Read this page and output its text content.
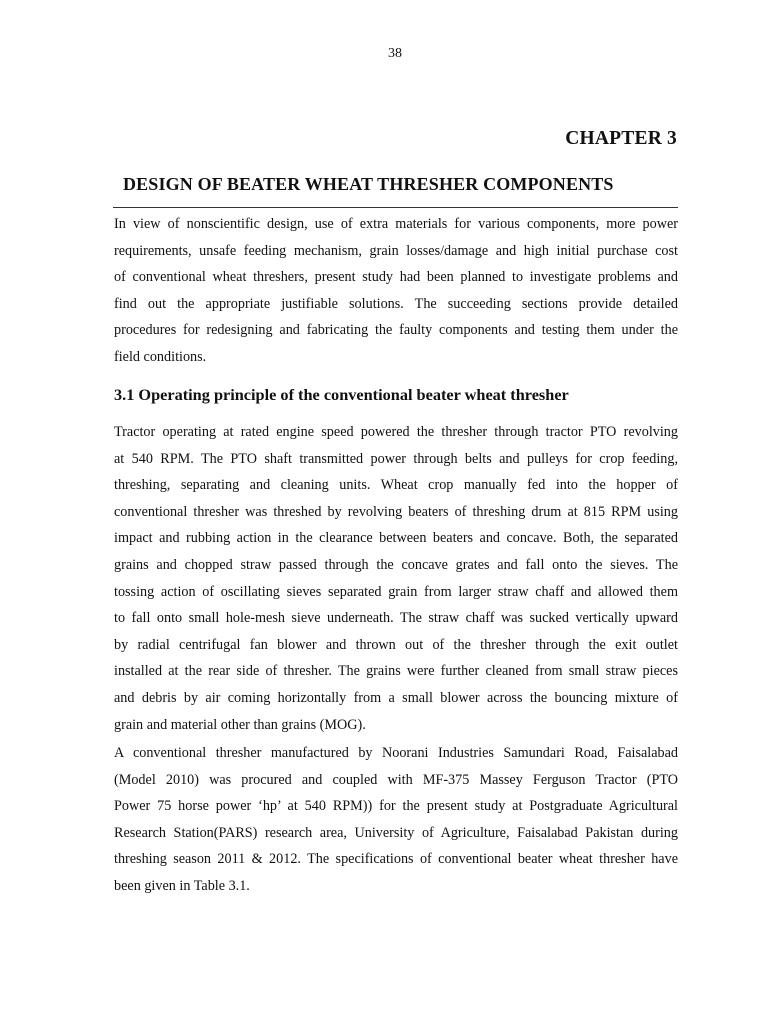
38
CHAPTER 3
DESIGN OF BEATER WHEAT THRESHER COMPONENTS
In view of nonscientific design, use of extra materials for various components, more power
requirements, unsafe feeding mechanism, grain losses/damage and high initial purchase cost
of conventional wheat threshers, present study had been planned to investigate problems and
find out the appropriate justifiable solutions. The succeeding sections provide detailed
procedures for redesigning and fabricating the faulty components and testing them under the
field conditions.
3.1 Operating principle of the conventional beater wheat thresher
Tractor operating at rated engine speed powered the thresher through tractor PTO revolving
at 540 RPM. The PTO shaft transmitted power through belts and pulleys for crop feeding,
threshing, separating and cleaning units. Wheat crop manually fed into the hopper of
conventional thresher was threshed by revolving beaters of threshing drum at 815 RPM using
impact and rubbing action in the clearance between beaters and concave. Both, the separated
grains and chopped straw passed through the concave grates and fall onto the sieves. The
tossing action of oscillating sieves separated grain from larger straw chaff and allowed them
to fall onto small hole-mesh sieve underneath. The straw chaff was sucked vertically upward
by radial centrifugal fan blower and thrown out of the thresher through the exit outlet
installed at the rear side of thresher. The grains were further cleaned from small straw pieces
and debris by air coming horizontally from a small blower across the bouncing mixture of
grain and material other than grains (MOG).
A conventional thresher manufactured by Noorani Industries Samundari Road, Faisalabad
(Model 2010) was procured and coupled with MF-375 Massey Ferguson Tractor (PTO
Power 75 horse power ‘hp’ at 540 RPM)) for the present study at Postgraduate Agricultural
Research Station(PARS) research area, University of Agriculture, Faisalabad Pakistan during
threshing season 2011 & 2012. The specifications of conventional beater wheat thresher have
been given in Table 3.1.
